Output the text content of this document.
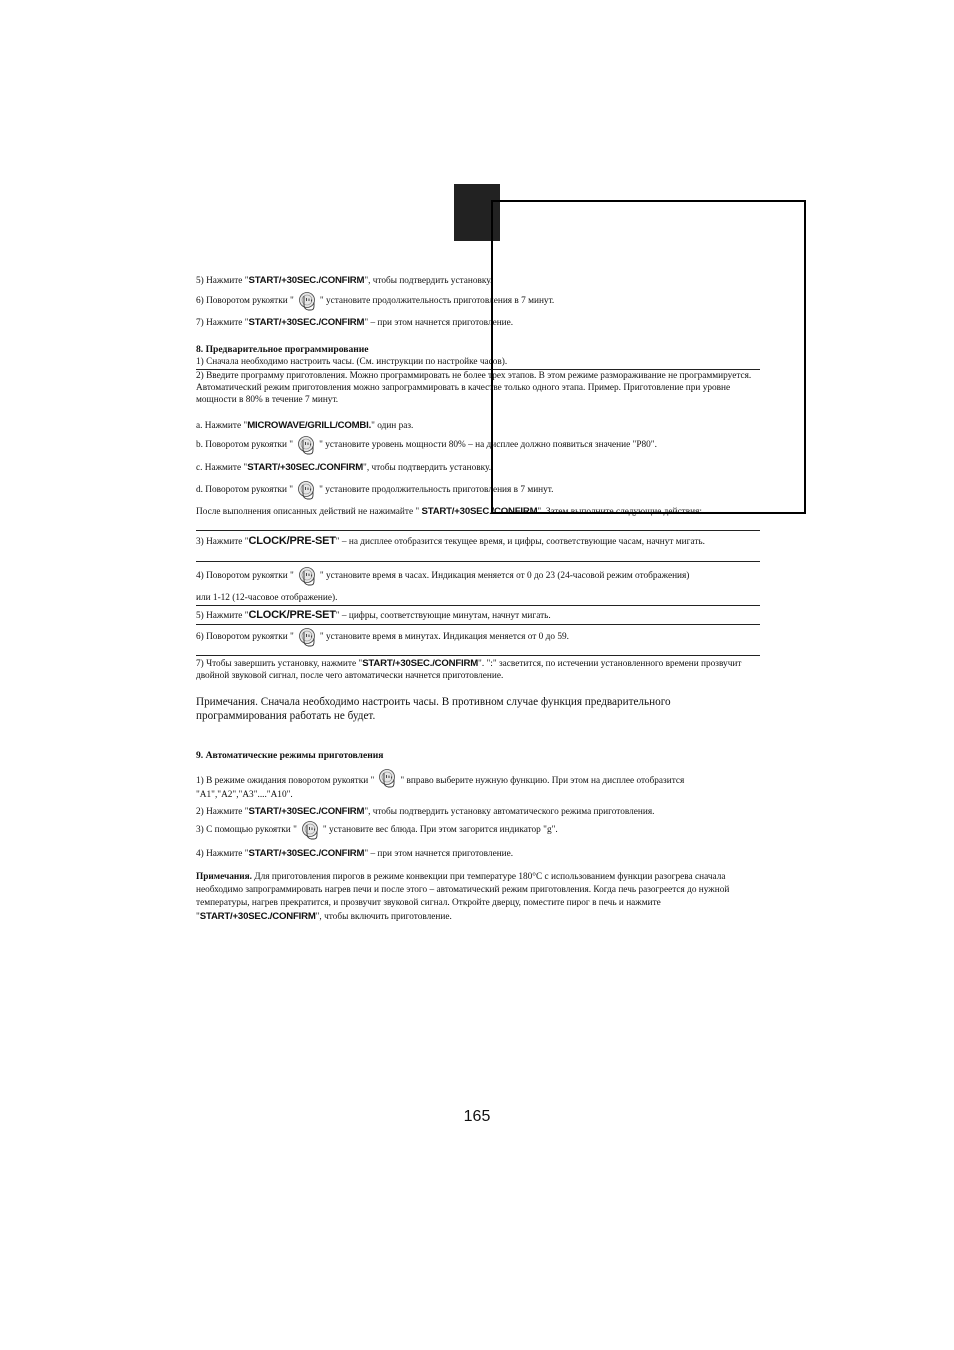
5) Нажмите "START/+30SEC./CONFIRM", чтобы подтвердить установку.
6) Поворотом рукоятки "	" установите продолжительность приготовления в 7 минут.
7) Нажмите "START/+30SEC./CONFIRM" – при этом начнется приготовление.
8. Предварительное программирование
1) Сначала необходимо настроить часы. (См. инструкции по настройке часов).
2) Введите программу приготовления. Можно программировать не более трех этапов. В этом режиме размораживание не программируется. Автоматический режим приготовления можно запрограммировать в качестве только одного этапа. Пример. Приготовление при уровне мощности в 80% в течение 7 минут.
a. Нажмите "MICROWAVE/GRILL/COMBI." один раз.
b. Поворотом рукоятки "	" установите уровень мощности 80% – на дисплее должно появиться значение "P80".
c. Нажмите "START/+30SEC./CONFIRM", чтобы подтвердить установку.
d. Поворотом рукоятки "	" установите продолжительность приготовления в 7 минут.
После выполнения описанных действий не нажимайте " START/+30SEC./CONFIRM". Затем выполните следующие действия:
3) Нажмите "CLOCK/PRE-SET" – на дисплее отобразится текущее время, и цифры, соответствующие часам, начнут мигать.
4) Поворотом рукоятки "	" установите время в часах. Индикация меняется от 0 до 23 (24-часовой режим отображения)
или 1-12 (12-часовое отображение).
5) Нажмите "CLOCK/PRE-SET" – цифры, соответствующие минутам, начнут мигать.
6) Поворотом рукоятки "	" установите время в минутах. Индикация меняется от 0 до 59.
7) Чтобы завершить установку, нажмите "START/+30SEC./CONFIRM". ":" засветится, по истечении установленного времени прозвучит двойной звуковой сигнал, после чего автоматически начнется приготовление.
Примечания. Сначала необходимо настроить часы. В противном случае функция предварительного программирования работать не будет.
9. Автоматические режимы приготовления
1) В режиме ожидания поворотом рукоятки "	" вправо выберите нужную функцию. При этом на дисплее отобразится "A1","A2","A3"...."A10".
2) Нажмите "START/+30SEC./CONFIRM", чтобы подтвердить установку автоматического режима приготовления.
3) С помощью рукоятки "	" установите вес блюда. При этом загорится индикатор "g".
4) Нажмите "START/+30SEC./CONFIRM" – при этом начнется приготовление.
Примечания. Для приготовления пирогов в режиме конвекции при температуре 180°C с использованием функции разогрева сначала необходимо запрограммировать нагрев печи и после этого – автоматический режим приготовления. Когда печь разогреется до нужной температуры, нагрев прекратится, и прозвучит звуковой сигнал. Откройте дверцу, поместите пирог в печь и нажмите "START/+30SEC./CONFIRM", чтобы включить приготовление.
165
